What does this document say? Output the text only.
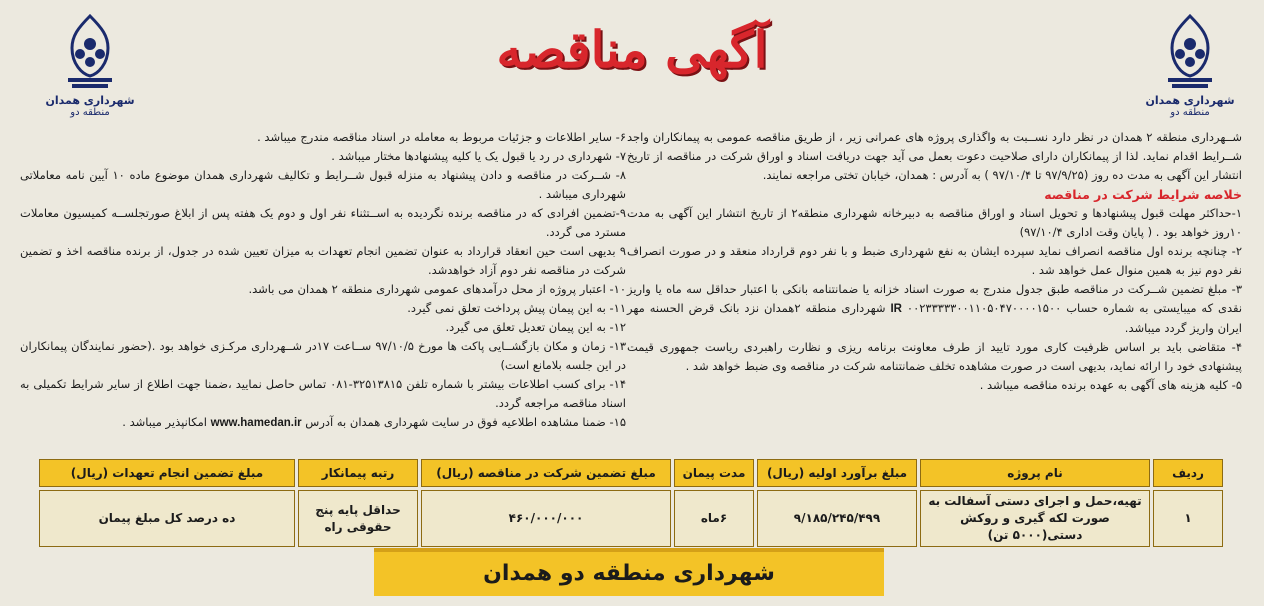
شهرداری همدان
منطقه دو
شهرداری همدان
منطقه دو
آگهی مناقصه

شــهرداری منطقه ۲ همدان در نظر دارد نســبت به واگذاری پروژه های عمرانی زیر ، از طریق مناقصه عمومی به پیمانکاران واجد شــرایط اقدام نماید. لذا از پیمانکاران دارای صلاحیت دعوت بعمل می آید جهت دریافت اسناد و اوراق شرکت در مناقصه از تاریخ انتشار این آگهی به مدت ده روز (۹۷/۹/۲۵ تا ۹۷/۱۰/۴ ) به آدرس : همدان، خیابان تختی مراجعه نمایند.

خلاصه شرایط شرکت در مناقصه

۱-حداکثر مهلت قبول پیشنهادها و تحویل اسناد و اوراق مناقصه به دبیرخانه شهرداری منطقه۲ از تاریخ انتشار این آگهی به مدت ۱۰روز خواهد بود . ( پایان وقت اداری ۹۷/۱۰/۴)

۲- چنانچه برنده اول مناقصه انصراف نماید سپرده ایشان به نفع شهرداری ضبط و با نفر دوم قرارداد منعقد و در صورت انصراف نفر دوم نیز به همین منوال عمل خواهد شد .

۳- مبلغ تضمین شــرکت در مناقصه طبق جدول مندرج به صورت اسناد خزانه یا ضمانتنامه بانکی با اعتبار حداقل سه ماه یا واریز نقدی که میبایستی به شماره حساب ۰۰۲۳۳۳۳۳۰۰۱۱۰۵۰۴۷۰۰۰۰۱۵۰۰ IR شهرداری منطقه ۲همدان نزد بانک قرض الحسنه مهر ایران واریز گردد میباشد.

۴- متقاضی باید بر اساس ظرفیت کاری مورد تایید از طرف معاونت برنامه ریزی و نظارت راهبردی ریاست جمهوری قیمت پیشنهادی خود را ارائه نماید، بدیهی است در صورت مشاهده تخلف ضمانتنامه شرکت در مناقصه وی ضبط خواهد شد .

۵- کلیه هزینه های آگهی به عهده برنده مناقصه میباشد .

۶- سایر اطلاعات و جزئیات مربوط به معامله در اسناد مناقصه مندرج میباشد .

۷- شهرداری در رد یا قبول یک یا کلیه پیشنهادها مختار میباشد .

۸- شــرکت در مناقصه و دادن پیشنهاد به منزله قبول شــرایط و تکالیف شهرداری همدان موضوع ماده ۱۰ آیین نامه معاملاتی شهرداری میباشد .

۹-تضمین افرادی که در مناقصه برنده نگردیده به اســتثناء نفر اول و دوم یک هفته پس از ابلاغ صورتجلســه کمیسیون معاملات مسترد می گردد.

۹ بدیهی است حین انعقاد قرارداد به عنوان تضمین انجام تعهدات به میزان تعیین شده در جدول، از برنده مناقصه اخذ و تضمین شرکت در مناقصه نفر دوم آزاد خواهدشد.

۱۰- اعتبار پروژه از محل درآمدهای عمومی شهرداری منطقه ۲ همدان می باشد.

۱۱- به این پیمان پیش پرداخت تعلق نمی گیرد.

۱۲- به این پیمان تعدیل تعلق می گیرد.

۱۳- زمان و مکان بازگشــایی پاکت ها مورخ ۹۷/۱۰/۵ ســاعت ۱۷در شــهرداری مرکـزی خواهد بود .(حضور نمایندگان پیمانکاران در این جلسه بلامانع است)

۱۴- برای کسب اطلاعات بیشتر با شماره تلفن ۳۲۵۱۳۸۱۵-۰۸۱ تماس حاصل نمایید ،ضمنا جهت اطلاع از سایر شرایط تکمیلی به اسناد مناقصه مراجعه گردد.

۱۵- ضمنا مشاهده اطلاعیه فوق در سایت شهرداری همدان به آدرس www.hamedan.ir امکانپذیر میباشد .

ردیف	نام پروژه	مبلغ برآورد اولیه (ریال)	مدت پیمان	مبلغ تضمین شرکت در مناقصه (ریال)	رتبه پیمانکار	مبلغ تضمین انجام تعهدات (ریال)
۱	تهیه،حمل و اجرای دستی آسفالت به صورت لکه گیری و روکش دستی(۵۰۰۰ تن)	۹/۱۸۵/۲۴۵/۴۹۹	۶ماه	۴۶۰/۰۰۰/۰۰۰	حداقل پایه پنج حقوقی راه	ده درصد کل مبلغ پیمان
شهرداری منطقه دو همدان
